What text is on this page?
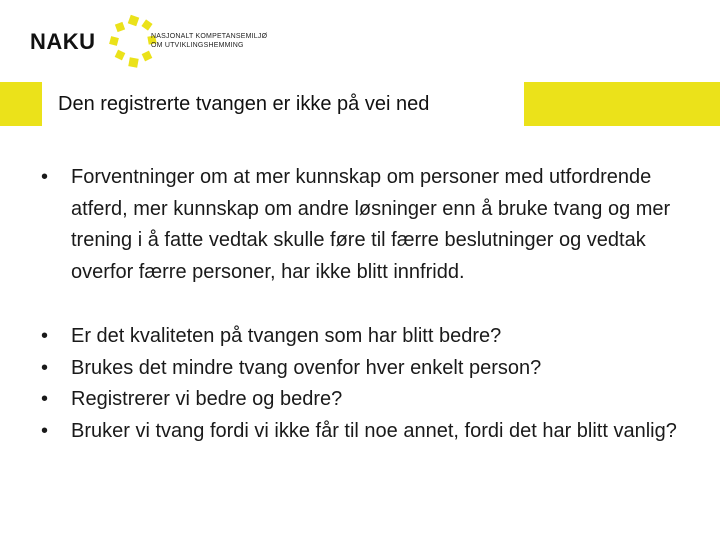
NAKU	NASJONALT KOMPETANSEMILJØ
OM UTVIKLINGSHEMMING
Den registrerte tvangen er ikke på vei ned
• Forventninger om at mer kunnskap om personer med utfordrende atferd, mer kunnskap om andre løsninger enn å bruke tvang og mer trening i å fatte vedtak skulle føre til færre beslutninger og vedtak overfor færre personer, har ikke blitt innfridd.
• Er det kvaliteten på tvangen som har blitt bedre?
• Brukes det mindre tvang ovenfor hver enkelt person?
• Registrerer vi bedre og bedre?
• Bruker vi tvang fordi vi ikke får til noe annet, fordi det har blitt vanlig?
